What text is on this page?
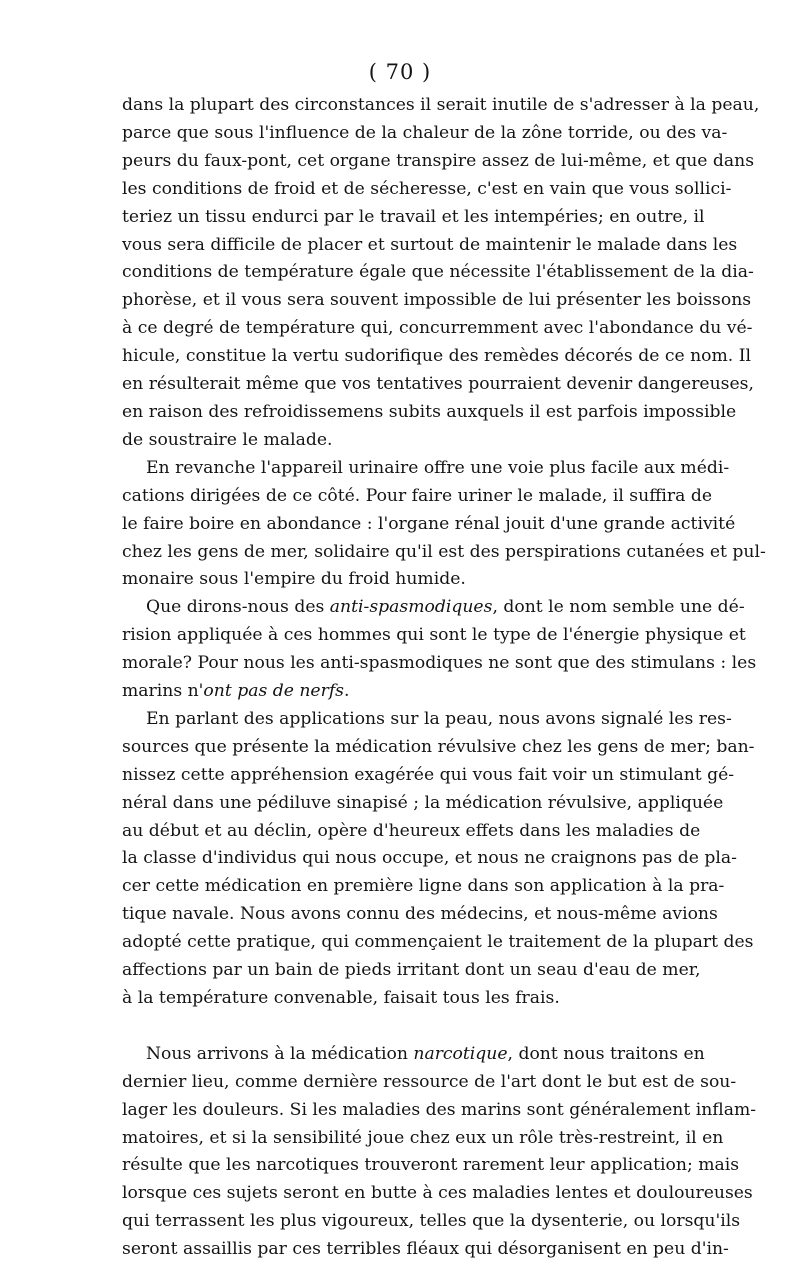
( 70 )
dans la plupart des circonstances il serait inutile de s'adresser à la peau,
parce que sous l'influence de la chaleur de la zône torride, ou des va-
peurs du faux-pont, cet organe transpire assez de lui-même, et que dans
les conditions de froid et de sécheresse, c'est en vain que vous sollici-
teriez un tissu endurci par le travail et les intempéries; en outre, il
vous sera difficile de placer et surtout de maintenir le malade dans les
conditions de température égale que nécessite l'établissement de la dia-
phorèse, et il vous sera souvent impossible de lui présenter les boissons
à ce degré de température qui, concurremment avec l'abondance du vé-
hicule, constitue la vertu sudorifique des remèdes décorés de ce nom. Il
en résulterait même que vos tentatives pourraient devenir dangereuses,
en raison des refroidissemens subits auxquels il est parfois impossible
de soustraire le malade.
En revanche l'appareil urinaire offre une voie plus facile aux médi-
cations dirigées de ce côté. Pour faire uriner le malade, il suffira de
le faire boire en abondance : l'organe rénal jouit d'une grande activité
chez les gens de mer, solidaire qu'il est des perspirations cutanées et pul-
monaire sous l'empire du froid humide.
Que dirons-nous des anti-spasmodiques, dont le nom semble une dé-
rision appliquée à ces hommes qui sont le type de l'énergie physique et
morale? Pour nous les anti-spasmodiques ne sont que des stimulans : les
marins n'ont pas de nerfs.
En parlant des applications sur la peau, nous avons signalé les res-
sources que présente la médication révulsive chez les gens de mer; ban-
nissez cette appréhension exagérée qui vous fait voir un stimulant gé-
néral dans une pédiluve sinapisé ; la médication révulsive, appliquée
au début et au déclin, opère d'heureux effets dans les maladies de
la classe d'individus qui nous occupe, et nous ne craignons pas de pla-
cer cette médication en première ligne dans son application à la pra-
tique navale. Nous avons connu des médecins, et nous-même avions
adopté cette pratique, qui commençaient le traitement de la plupart des
affections par un bain de pieds irritant dont un seau d'eau de mer,
à la température convenable, faisait tous les frais.
Nous arrivons à la médication narcotique, dont nous traitons en
dernier lieu, comme dernière ressource de l'art dont le but est de sou-
lager les douleurs. Si les maladies des marins sont généralement inflam-
matoires, et si la sensibilité joue chez eux un rôle très-restreint, il en
résulte que les narcotiques trouveront rarement leur application; mais
lorsque ces sujets seront en butte à ces maladies lentes et douloureuses
qui terrassent les plus vigoureux, telles que la dysenterie, ou lorsqu'ils
seront assaillis par ces terribles fléaux qui désorganisent en peu d'in-
